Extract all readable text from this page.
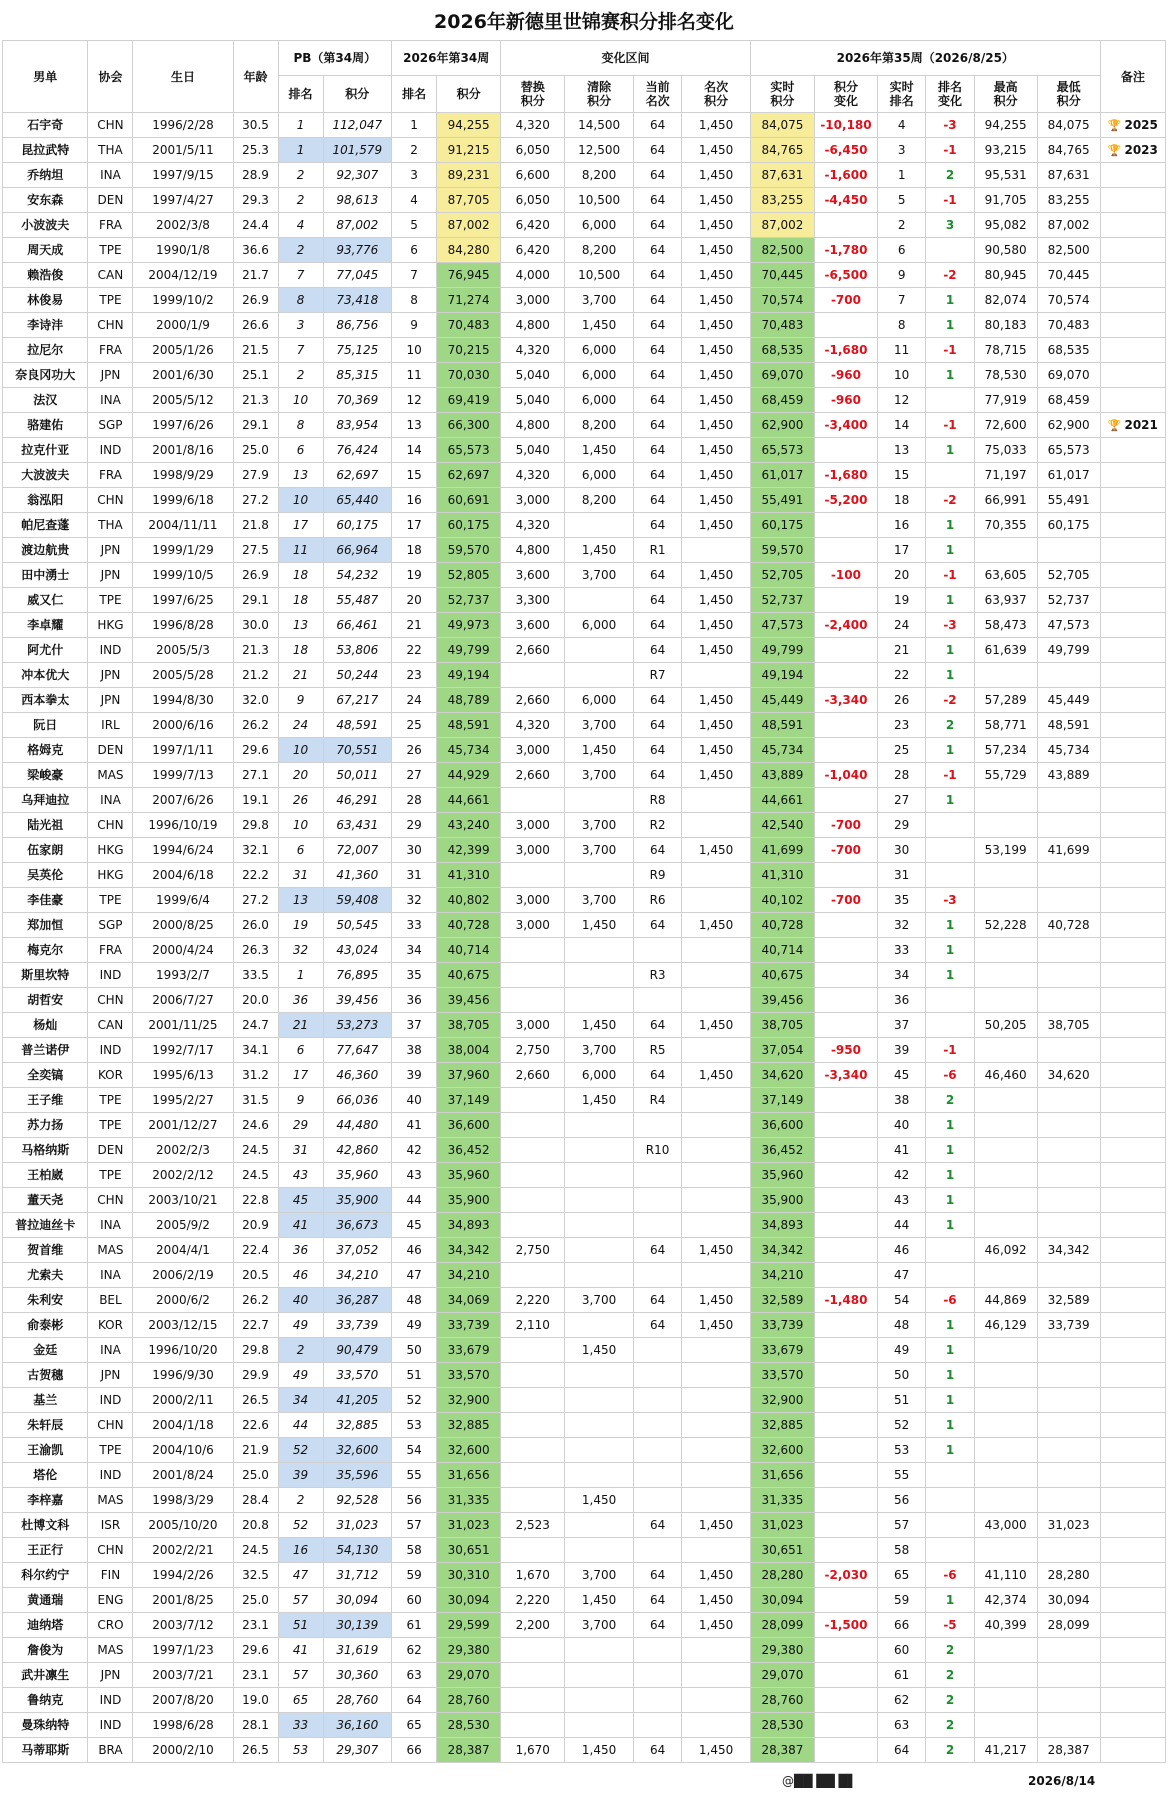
2026年新德里世锦赛积分排名变化
男单	协会	生日	年龄	PB（第34周）		2026年第34周		变化区间				2026年第35周（2026/8/25）						备注
				排名	积分	排名	积分	替换积分	清除积分	当前名次	名次积分	实时积分	积分变化	实时排名	排名变化	最高积分	最低积分	

石宇奇	CHN	1996/2/28	30.5	1	112,047	1	94,255	4,320	14,500	64	1,450	84,075	-10,180	4	-3	94,255	84,075	🏆 2025
昆拉武特	THA	2001/5/11	25.3	1	101,579	2	91,215	6,050	12,500	64	1,450	84,765	-6,450	3	-1	93,215	84,765	🏆 2023
乔纳坦	INA	1997/9/15	28.9	2	92,307	3	89,231	6,600	8,200	64	1,450	87,631	-1,600	1	2	95,531	87,631	
安东森	DEN	1997/4/27	29.3	2	98,613	4	87,705	6,050	10,500	64	1,450	83,255	-4,450	5	-1	91,705	83,255	
小波波夫	FRA	2002/3/8	24.4	4	87,002	5	87,002	6,420	6,000	64	1,450	87,002		2	3	95,082	87,002	
周天成	TPE	1990/1/8	36.6	2	93,776	6	84,280	6,420	8,200	64	1,450	82,500	-1,780	6		90,580	82,500	
赖浩俊	CAN	2004/12/19	21.7	7	77,045	7	76,945	4,000	10,500	64	1,450	70,445	-6,500	9	-2	80,945	70,445	
林俊易	TPE	1999/10/2	26.9	8	73,418	8	71,274	3,000	3,700	64	1,450	70,574	-700	7	1	82,074	70,574	
李诗沣	CHN	2000/1/9	26.6	3	86,756	9	70,483	4,800	1,450	64	1,450	70,483		8	1	80,183	70,483	
拉尼尔	FRA	2005/1/26	21.5	7	75,125	10	70,215	4,320	6,000	64	1,450	68,535	-1,680	11	-1	78,715	68,535	
奈良冈功大	JPN	2001/6/30	25.1	2	85,315	11	70,030	5,040	6,000	64	1,450	69,070	-960	10	1	78,530	69,070	
法汉	INA	2005/5/12	21.3	10	70,369	12	69,419	5,040	6,000	64	1,450	68,459	-960	12		77,919	68,459	
骆建佑	SGP	1997/6/26	29.1	8	83,954	13	66,300	4,800	8,200	64	1,450	62,900	-3,400	14	-1	72,600	62,900	🏆 2021
拉克什亚	IND	2001/8/16	25.0	6	76,424	14	65,573	5,040	1,450	64	1,450	65,573		13	1	75,033	65,573	
大波波夫	FRA	1998/9/29	27.9	13	62,697	15	62,697	4,320	6,000	64	1,450	61,017	-1,680	15		71,197	61,017	
翁泓阳	CHN	1999/6/18	27.2	10	65,440	16	60,691	3,000	8,200	64	1,450	55,491	-5,200	18	-2	66,991	55,491	
帕尼查蓬	THA	2004/11/11	21.8	17	60,175	17	60,175	4,320		64	1,450	60,175		16	1	70,355	60,175	
渡边航贵	JPN	1999/1/29	27.5	11	66,964	18	59,570	4,800	1,450	R1		59,570		17	1			
田中湧士	JPN	1999/10/5	26.9	18	54,232	19	52,805	3,600	3,700	64	1,450	52,705	-100	20	-1	63,605	52,705	
威又仁	TPE	1997/6/25	29.1	18	55,487	20	52,737	3,300		64	1,450	52,737		19	1	63,937	52,737	
李卓耀	HKG	1996/8/28	30.0	13	66,461	21	49,973	3,600	6,000	64	1,450	47,573	-2,400	24	-3	58,473	47,573	
阿尤什	IND	2005/5/3	21.3	18	53,806	22	49,799	2,660		64	1,450	49,799		21	1	61,639	49,799	
冲本优大	JPN	2005/5/28	21.2	21	50,244	23	49,194			R7		49,194		22	1			
西本拳太	JPN	1994/8/30	32.0	9	67,217	24	48,789	2,660	6,000	64	1,450	45,449	-3,340	26	-2	57,289	45,449	
阮日	IRL	2000/6/16	26.2	24	48,591	25	48,591	4,320	3,700	64	1,450	48,591		23	2	58,771	48,591	
格姆克	DEN	1997/1/11	29.6	10	70,551	26	45,734	3,000	1,450	64	1,450	45,734		25	1	57,234	45,734	
梁峻豪	MAS	1999/7/13	27.1	20	50,011	27	44,929	2,660	3,700	64	1,450	43,889	-1,040	28	-1	55,729	43,889	
乌拜迪拉	INA	2007/6/26	19.1	26	46,291	28	44,661			R8		44,661		27	1			
陆光祖	CHN	1996/10/19	29.8	10	63,431	29	43,240	3,000	3,700	R2		42,540	-700	29				
伍家朗	HKG	1994/6/24	32.1	6	72,007	30	42,399	3,000	3,700	64	1,450	41,699	-700	30		53,199	41,699	
吴英伦	HKG	2004/6/18	22.2	31	41,360	31	41,310			R9		41,310		31				
李佳豪	TPE	1999/6/4	27.2	13	59,408	32	40,802	3,000	3,700	R6		40,102	-700	35	-3			
郑加恒	SGP	2000/8/25	26.0	19	50,545	33	40,728	3,000	1,450	64	1,450	40,728		32	1	52,228	40,728	
梅克尔	FRA	2000/4/24	26.3	32	43,024	34	40,714					40,714		33	1			
斯里坎特	IND	1993/2/7	33.5	1	76,895	35	40,675			R3		40,675		34	1			
胡哲安	CHN	2006/7/27	20.0	36	39,456	36	39,456					39,456		36				
杨灿	CAN	2001/11/25	24.7	21	53,273	37	38,705	3,000	1,450	64	1,450	38,705		37		50,205	38,705	
普兰诺伊	IND	1992/7/17	34.1	6	77,647	38	38,004	2,750	3,700	R5		37,054	-950	39	-1			
全奕镐	KOR	1995/6/13	31.2	17	46,360	39	37,960	2,660	6,000	64	1,450	34,620	-3,340	45	-6	46,460	34,620	
王子维	TPE	1995/2/27	31.5	9	66,036	40	37,149		1,450	R4		37,149		38	2			
苏力扬	TPE	2001/12/27	24.6	29	44,480	41	36,600					36,600		40	1			
马格纳斯	DEN	2002/2/3	24.5	31	42,860	42	36,452			R10		36,452		41	1			
王柏崴	TPE	2002/2/12	24.5	43	35,960	43	35,960					35,960		42	1			
董天尧	CHN	2003/10/21	22.8	45	35,900	44	35,900					35,900		43	1			
普拉迪丝卡	INA	2005/9/2	20.9	41	36,673	45	34,893					34,893		44	1			
贺首维	MAS	2004/4/1	22.4	36	37,052	46	34,342	2,750		64	1,450	34,342		46		46,092	34,342	
尤索夫	INA	2006/2/19	20.5	46	34,210	47	34,210					34,210		47				
朱利安	BEL	2000/6/2	26.2	40	36,287	48	34,069	2,220	3,700	64	1,450	32,589	-1,480	54	-6	44,869	32,589	
俞泰彬	KOR	2003/12/15	22.7	49	33,739	49	33,739	2,110		64	1,450	33,739		48	1	46,129	33,739	
金廷	INA	1996/10/20	29.8	2	90,479	50	33,679		1,450			33,679		49	1			
古贺穗	JPN	1996/9/30	29.9	49	33,570	51	33,570					33,570		50	1			
基兰	IND	2000/2/11	26.5	34	41,205	52	32,900					32,900		51	1			
朱轩辰	CHN	2004/1/18	22.6	44	32,885	53	32,885					32,885		52	1			
王渝凯	TPE	2004/10/6	21.9	52	32,600	54	32,600					32,600		53	1			
塔伦	IND	2001/8/24	25.0	39	35,596	55	31,656					31,656		55				
李梓嘉	MAS	1998/3/29	28.4	2	92,528	56	31,335		1,450			31,335		56				
杜博文科	ISR	2005/10/20	20.8	52	31,023	57	31,023	2,523		64	1,450	31,023		57		43,000	31,023	
王正行	CHN	2002/2/21	24.5	16	54,130	58	30,651					30,651		58				
科尔约宁	FIN	1994/2/26	32.5	47	31,712	59	30,310	1,670	3,700	64	1,450	28,280	-2,030	65	-6	41,110	28,280	
黄通瑞	ENG	2001/8/25	25.0	57	30,094	60	30,094	2,220	1,450	64	1,450	30,094		59	1	42,374	30,094	
迪纳塔	CRO	2003/7/12	23.1	51	30,139	61	29,599	2,200	3,700	64	1,450	28,099	-1,500	66	-5	40,399	28,099	
詹俊为	MAS	1997/1/23	29.6	41	31,619	62	29,380					29,380		60	2			
武井凛生	JPN	2003/7/21	23.1	57	30,360	63	29,070					29,070		61	2			
鲁纳克	IND	2007/8/20	19.0	65	28,760	64	28,760					28,760		62	2			
曼珠纳特	IND	1998/6/28	28.1	33	36,160	65	28,530					28,530		63	2			
马蒂耶斯	BRA	2000/2/10	26.5	53	29,307	66	28,387	1,670	1,450	64	1,450	28,387		64	2	41,217	28,387	
@██ ██ █▌	2026/8/14
